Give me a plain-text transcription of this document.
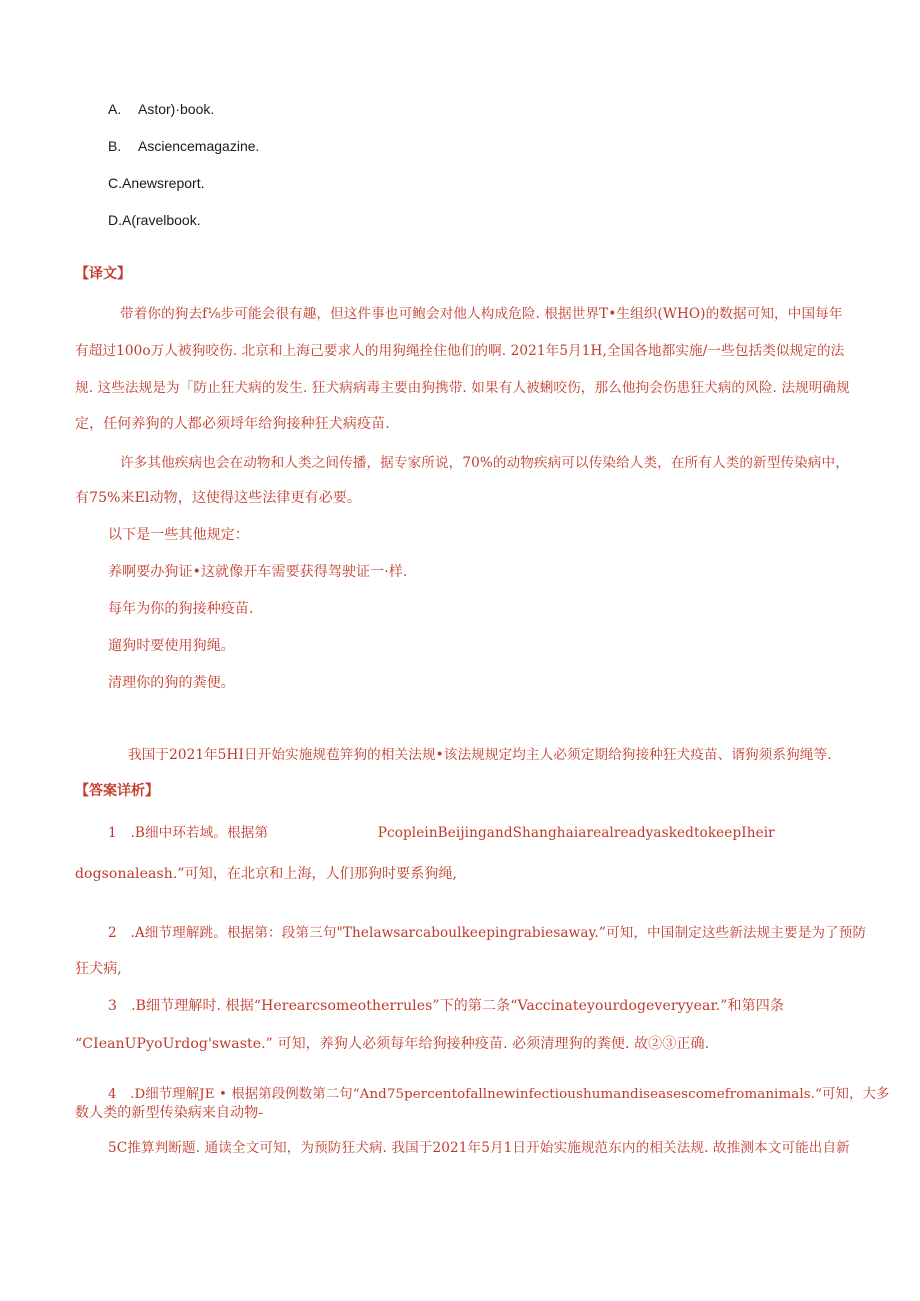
A. Astor)·book.
B. Asciencemagazine.
C.Anewsreport.
D.A(ravelbook.
【译文】
带着你的狗去f⅛步可能会很有趣，但这件事也可鲍会对他人构成危险. 根据世界T•生组织(WHO)的数据可知，中国每年
有超过100o万人被狗咬伤. 北京和上海己要求人的用狗绳拴住他们的啊. 2021年5月1H,全国各地都实施/一些包括类似规定的法
规. 这些法规是为「防止狂犬病的发生. 狂犬病病毒主要由狗携带. 如果有人被蜊咬伤，那么他拘会伤患狂犬病的风险. 法规明确规
定，任何养狗的人都必须埒年给狗接种狂犬病疫苗.
许多其他疾病也会在动物和人类之间传播，据专家所说，70%的动物疾病可以传染给人类，在所有人类的新型传染病中，
有75%来El动物，这使得这些法律更有必要。
以下是一些其他规定：
养啊要办狗证•这就像开车需要获得驾驶证一·样.
每年为你的狗接种疫苗.
遛狗时要使用狗绳。
清理你的狗的粪便。
我国于2021年5HI日开始实施规苞笄狗的相关法规•该法规规定均主人必须定期给狗接种狂犬疫苗、谞狗须系狗绳等.
【答案详析】
1　.B细中环若域。根据第　　　　　　　　PcopleinBeijingandShanghaiarealreadyaskedtokeepIheir
dogsonaleash.”可知，在北京和上海，人们那狗时要系狗绳,
2　.A细节理解跳。根据第：段第三句"Thelawsarcaboulkeepingrabiesaway.”可知，中国制定这些新法规主要是为了预防
狂犬病,
3　.B细节理解时. 根据“Herearcsomeotherrules”下的第二条“Vaccinateyourdogeveryyear.”和第四条
“CIeanUPyoUrdog'swaste.” 可知，养狗人必须每年给狗接种疫苗. 必须清理狗的粪便. 故②③正确.
4　.D细节理解JE • 根据第段例数第二句“And75percentofallnewinfectioushumandiseasescomefromanimals.“可知，大多
数人类的新型传染病来自动物-
5C推算判断题. 通读全文可知，为预防狂犬病. 我国于2021年5月1日开始实施规范东内的相关法规. 故推测本文可能出自新
